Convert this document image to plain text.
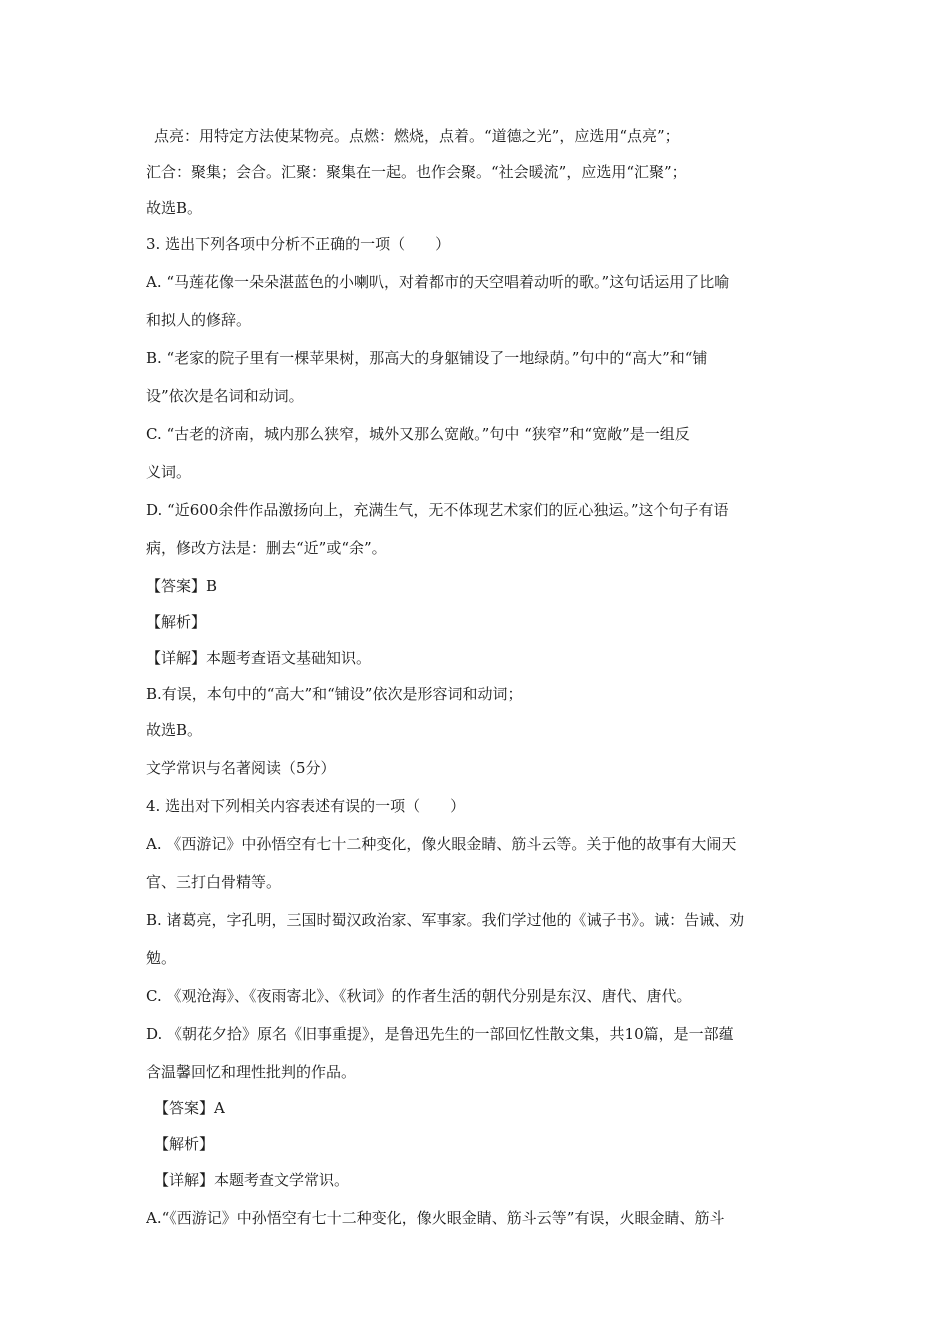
点亮：用特定方法使某物亮。点燃：燃烧，点着。“道德之光”，应选用“点亮”；
汇合：聚集；会合。汇聚：聚集在一起。也作会聚。“社会暖流”，应选用“汇聚”；
故选B。
3. 选出下列各项中分析不正确的一项（　　）
A. “马莲花像一朵朵湛蓝色的小喇叭，对着都市的天空唱着动听的歌。”这句话运用了比喻
和拟人的修辞。
B. “老家的院子里有一棵苹果树，那高大的身躯铺设了一地绿荫。”句中的“高大”和“铺
设”依次是名词和动词。
C. “古老的济南，城内那么狭窄，城外又那么宽敞。”句中 “狭窄”和“宽敞”是一组反
义词。
D. “近600余件作品激扬向上，充满生气，无不体现艺术家们的匠心独运。”这个句子有语
病，修改方法是：删去“近”或“余”。
【答案】B
【解析】
【详解】本题考查语文基础知识。
B.有误，本句中的“高大”和“铺设”依次是形容词和动词；
故选B。
文学常识与名著阅读（5分）
4. 选出对下列相关内容表述有误的一项（　　）
A. 《西游记》中孙悟空有七十二种变化，像火眼金睛、筋斗云等。关于他的故事有大闹天
官、三打白骨精等。
B. 诸葛亮，字孔明，三国时蜀汉政治家、军事家。我们学过他的《诫子书》。诫：告诫、劝
勉。
C. 《观沧海》、《夜雨寄北》、《秋词》的作者生活的朝代分别是东汉、唐代、唐代。
D. 《朝花夕拾》原名《旧事重提》，是鲁迅先生的一部回忆性散文集，共10篇，是一部蕴
含温馨回忆和理性批判的作品。
【答案】A
【解析】
【详解】本题考查文学常识。
A.“《西游记》中孙悟空有七十二种变化，像火眼金睛、筋斗云等”有误，火眼金睛、筋斗
